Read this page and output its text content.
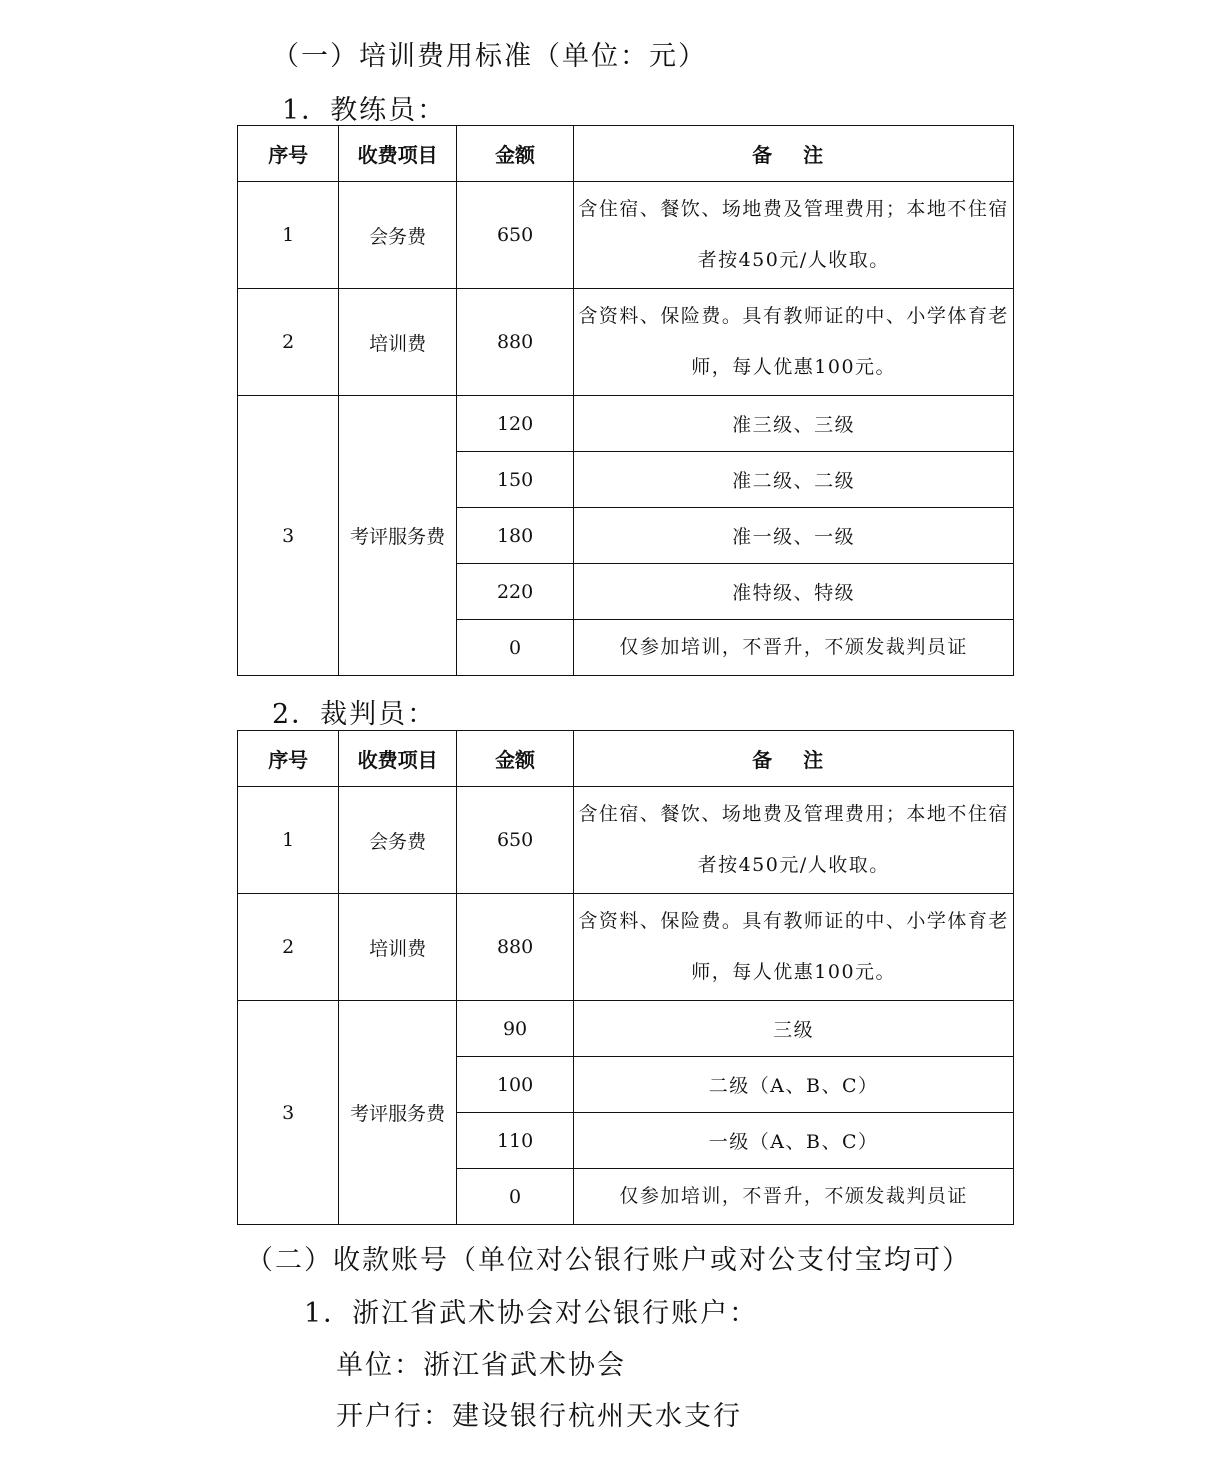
（一）培训费用标准（单位：元）
1．教练员：
序号	收费项目	金额	备 注
1	会务费	650	含住宿、餐饮、场地费及管理费用；本地不住宿者按450元/人收取。
2	培训费	880	含资料、保险费。具有教师证的中、小学体育老师，每人优惠100元。
3	考评服务费	120	准三级、三级
		150	准二级、二级
		180	准一级、一级
		220	准特级、特级
		0	仅参加培训，不晋升，不颁发裁判员证
2．裁判员：
序号	收费项目	金额	备 注
1	会务费	650	含住宿、餐饮、场地费及管理费用；本地不住宿者按450元/人收取。
2	培训费	880	含资料、保险费。具有教师证的中、小学体育老师，每人优惠100元。
3	考评服务费	90	三级
		100	二级（A、B、C）
		110	一级（A、B、C）
		0	仅参加培训，不晋升，不颁发裁判员证
（二）收款账号（单位对公银行账户或对公支付宝均可）
1．浙江省武术协会对公银行账户：
单位：浙江省武术协会
开户行：建设银行杭州天水支行
